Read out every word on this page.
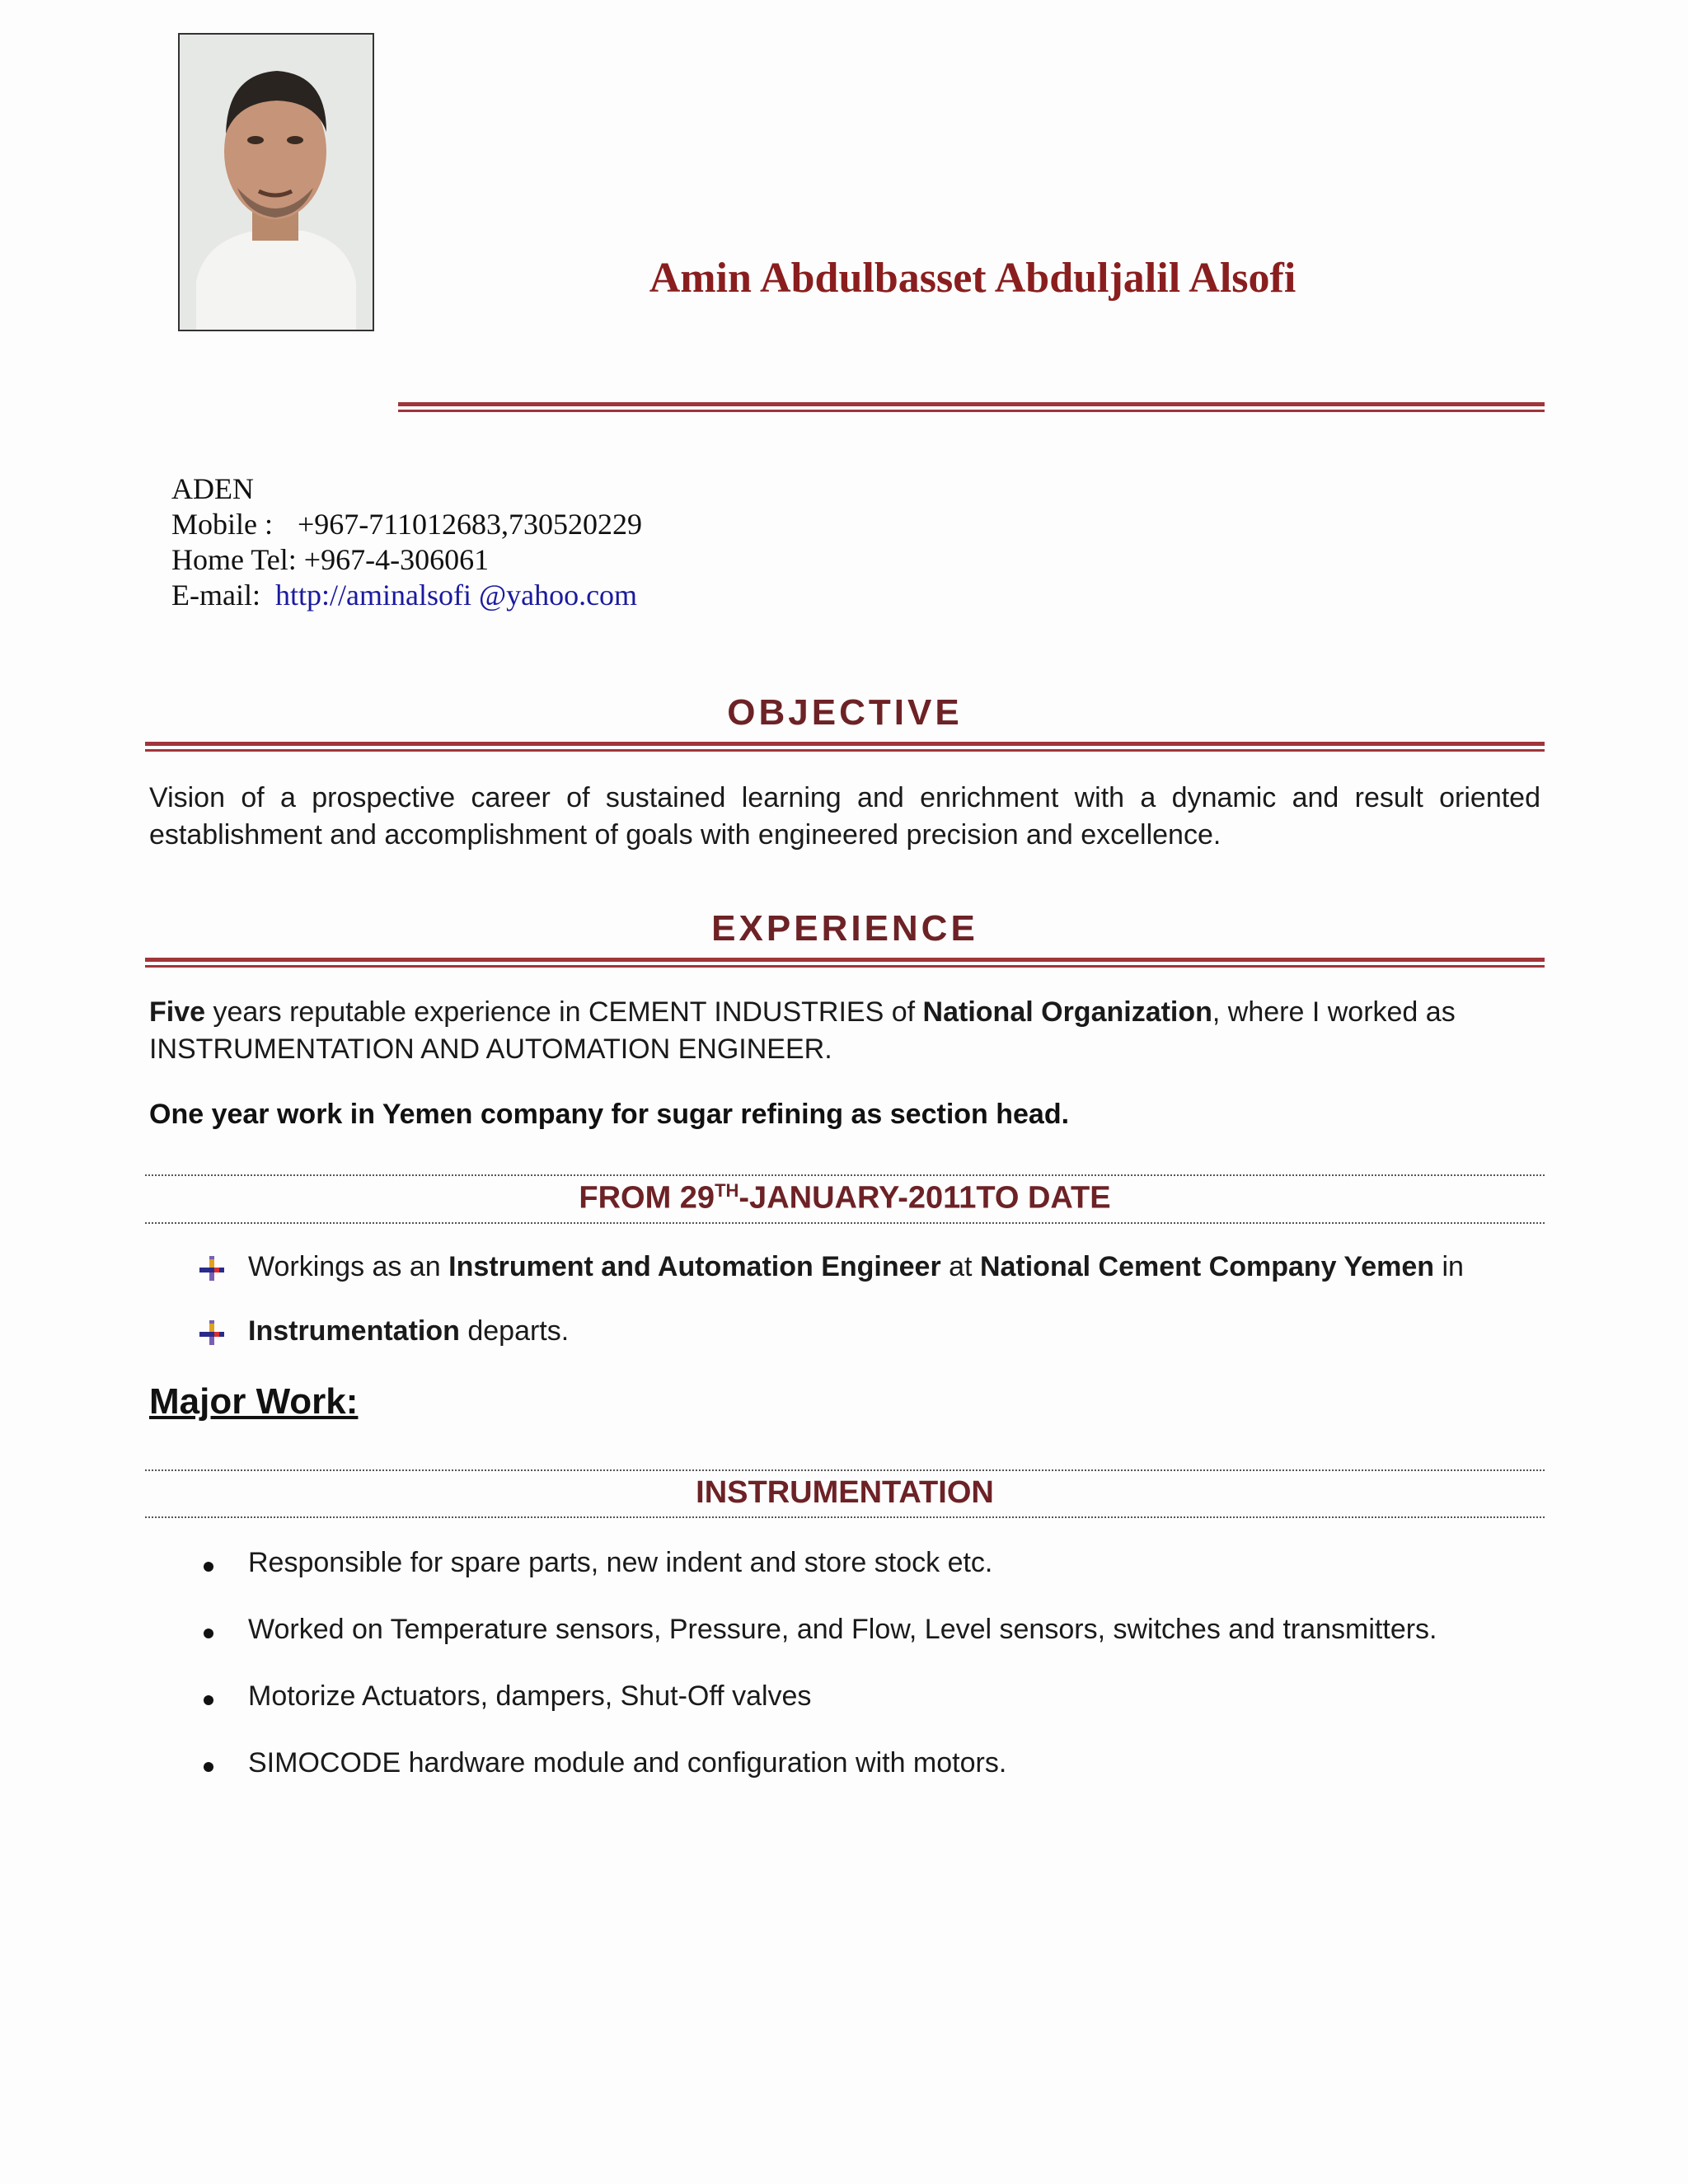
Amin Abdulbasset Abduljalil Alsofi
ADEN
Mobile : +967-711012683,730520229
Home Tel: +967-4-306061
E-mail: http://aminalsofi @yahoo.com
OBJECTIVE
Vision of a prospective career of sustained learning and enrichment with a dynamic and result oriented establishment and accomplishment of goals with engineered precision and excellence.
EXPERIENCE
Five years reputable experience in CEMENT INDUSTRIES of National Organization, where I worked as INSTRUMENTATION AND AUTOMATION ENGINEER.
One year work in Yemen company for sugar refining as section head.
FROM 29TH-JANUARY-2011TO DATE
Workings as an Instrument and Automation Engineer at National Cement Company Yemen in
Instrumentation departs.
Major Work:
INSTRUMENTATION
Responsible for spare parts, new indent and store stock etc.
Worked on Temperature sensors, Pressure, and Flow, Level sensors, switches and transmitters.
Motorize Actuators, dampers, Shut-Off valves
SIMOCODE hardware module and configuration with motors.
